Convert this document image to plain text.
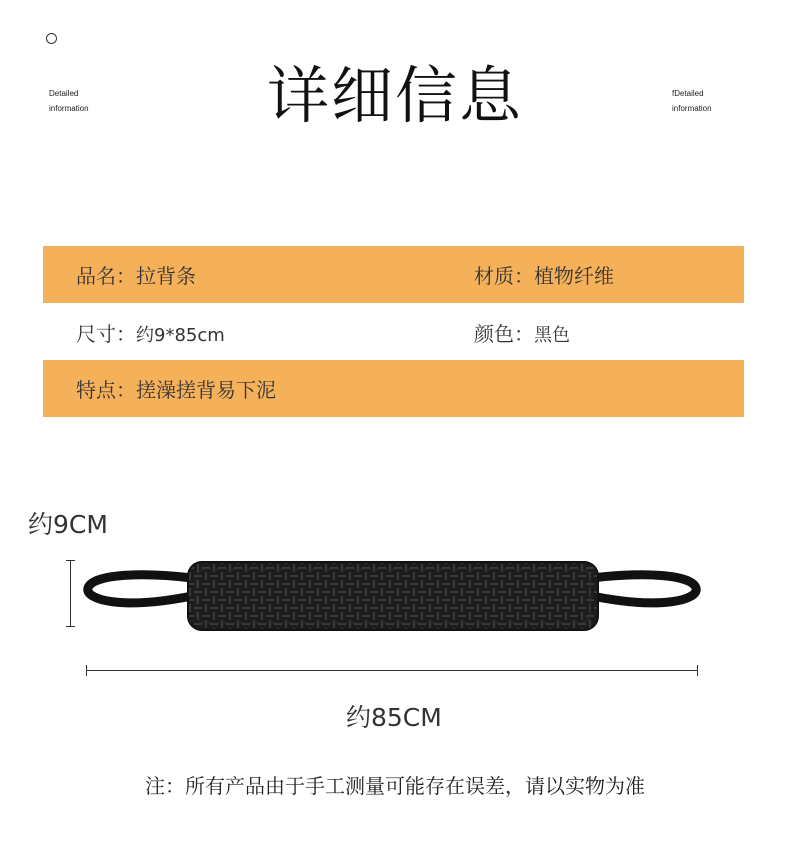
Detailed
information	详细信息	fDetailed
information
品名：拉背条	材质：植物纤维
尺寸：约9*85cm	颜色：黑色
特点：搓澡搓背易下泥
约9CM
约85CM
注：所有产品由于手工测量可能存在误差，请以实物为准
